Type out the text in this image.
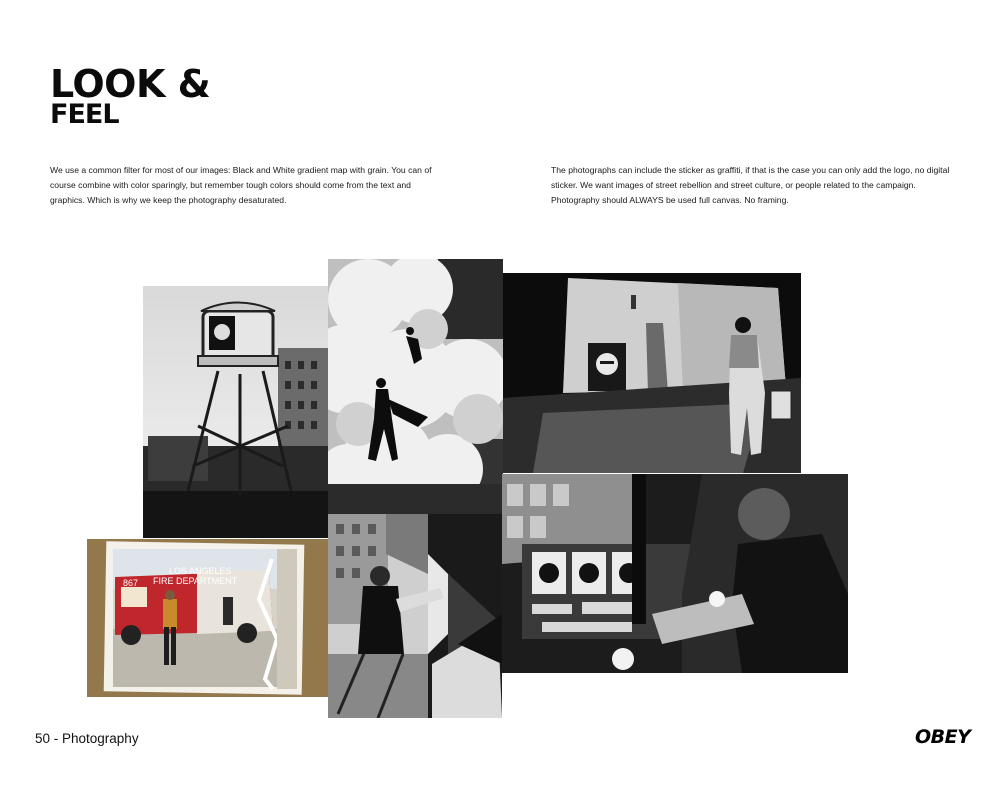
LOOK &
FEEL

We use a common filter for most of our images: Black and White gradient map with grain. You can of course combine with color sparingly, but remember tough colors should come from the text and graphics. Which is why we keep the photography desaturated.

The photographs can include the sticker as graffiti, if that is the case you can only add the logo, no digital sticker. We want images of street rebellion and street culture, or people related to the campaign. Photography should ALWAYS be used full canvas. No framing.

LOS ANGELES
FIRE DEPARTMENT
867
50 - Photography	OBEY
